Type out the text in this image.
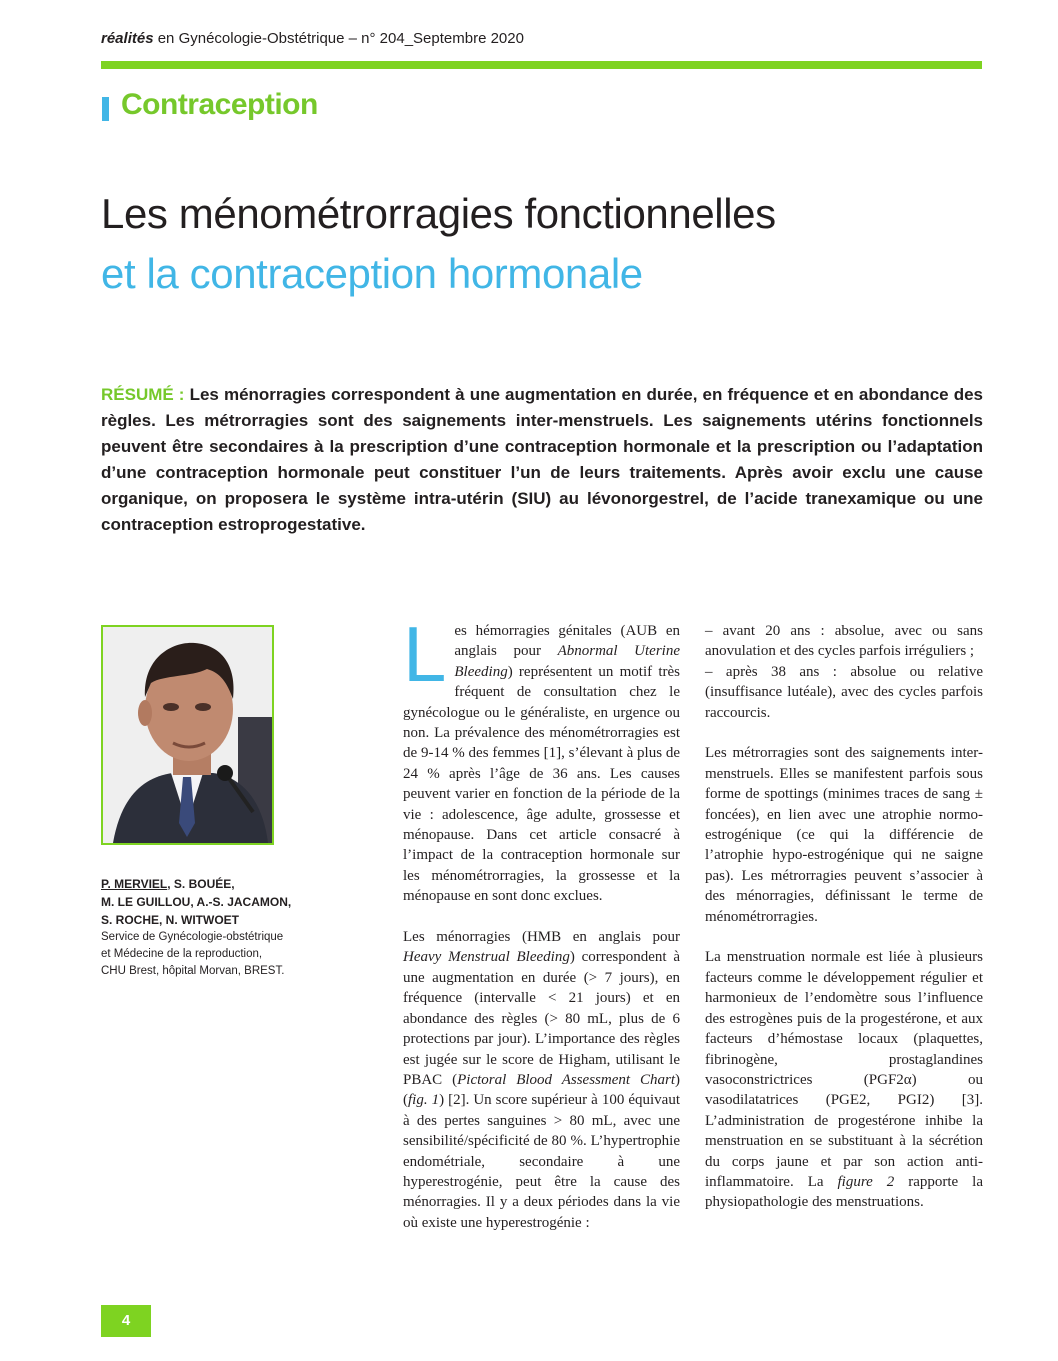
réalités en Gynécologie-Obstétrique – n° 204_Septembre 2020
Contraception
Les ménométrorragies fonctionnelles
et la contraception hormonale

RÉSUMÉ : Les ménorragies correspondent à une augmentation en durée, en fréquence et en abondance des règles. Les métrorragies sont des saignements inter-menstruels. Les saignements utérins fonctionnels peuvent être secondaires à la prescription d’une contraception hormonale et la prescription ou l’adaptation d’une contraception hormonale peut constituer l’un de leurs traitements. Après avoir exclu une cause organique, on proposera le système intra-utérin (SIU) au lévonorgestrel, de l’acide tranexamique ou une contraception estroprogestative.

P. MERVIEL, S. BOUÉE,
M. LE GUILLOU, A.-S. JACAMON,
S. ROCHE, N. WITWOET

Service de Gynécologie-obstétrique
et Médecine de la reproduction,
CHU Brest, hôpital Morvan, BREST.

Les hémorragies génitales (AUB en anglais pour Abnormal Uterine Bleeding) représentent un motif très fréquent de consultation chez le gynécologue ou le généraliste, en urgence ou non. La prévalence des ménométrorragies est de 9-14 % des femmes [1], s’élevant à plus de 24 % après l’âge de 36 ans. Les causes peuvent varier en fonction de la période de la vie : adolescence, âge adulte, grossesse et ménopause. Dans cet article consacré à l’impact de la contraception hormonale sur les ménométrorragies, la grossesse et la ménopause en sont donc exclues.

Les ménorragies (HMB en anglais pour Heavy Menstrual Bleeding) correspondent à une augmentation en durée (> 7 jours), en fréquence (intervalle < 21 jours) et en abondance des règles (> 80 mL, plus de 6 protections par jour). L’importance des règles est jugée sur le score de Higham, utilisant le PBAC (Pictoral Blood Assessment Chart) (fig. 1) [2]. Un score supérieur à 100 équivaut à des pertes sanguines > 80 mL, avec une sensibilité/spécificité de 80 %. L’hypertrophie endométriale, secondaire à une hyperestrogénie, peut être la cause des ménorragies. Il y a deux périodes dans la vie où existe une hyperestrogénie :

– avant 20 ans : absolue, avec ou sans anovulation et des cycles parfois irréguliers ;

– après 38 ans : absolue ou relative (insuffisance lutéale), avec des cycles parfois raccourcis.

Les métrorragies sont des saignements inter-menstruels. Elles se manifestent parfois sous forme de spottings (minimes traces de sang ± foncées), en lien avec une atrophie normo-estrogénique (ce qui la différencie de l’atrophie hypo-estrogénique qui ne saigne pas). Les métrorragies peuvent s’associer à des ménorragies, définissant le terme de ménométrorragies.

La menstruation normale est liée à plusieurs facteurs comme le développement régulier et harmonieux de l’endomètre sous l’influence des estrogènes puis de la progestérone, et aux facteurs d’hémostase locaux (plaquettes, fibrinogène, prostaglandines vasoconstrictrices (PGF2α) ou vasodilatatrices (PGE2, PGI2) [3]. L’administration de progestérone inhibe la menstruation en se substituant à la sécrétion du corps jaune et par son action anti-inflammatoire. La figure 2 rapporte la physiopathologie des menstruations.

4
